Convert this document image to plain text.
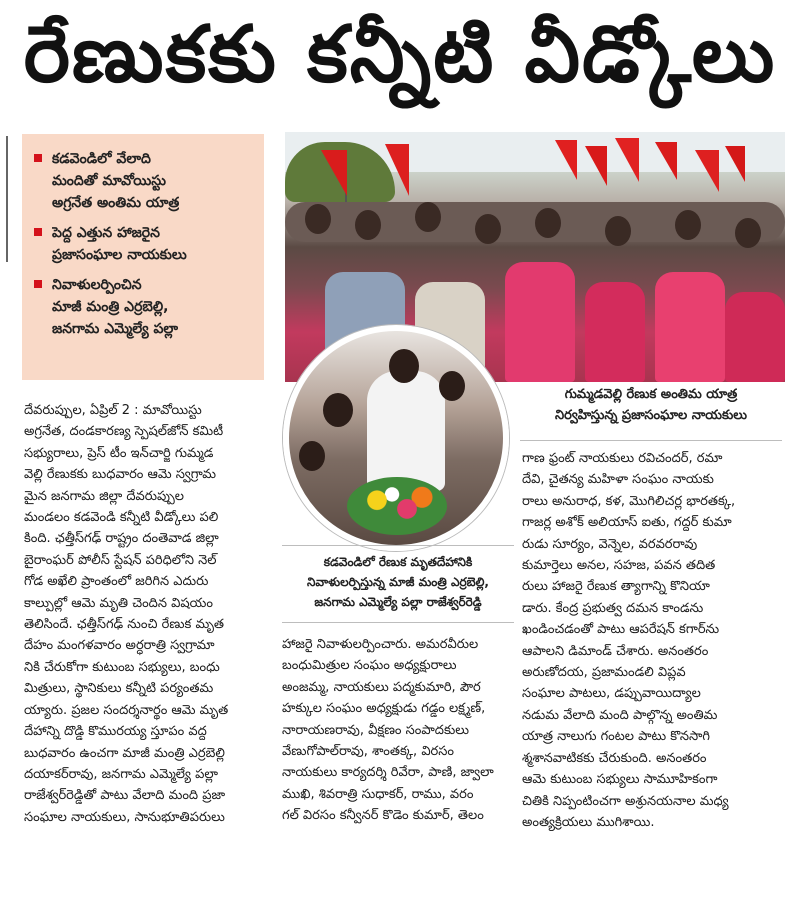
రేణుకకు కన్నీటి వీడ్కోలు
కడవెండిలో వేలాది
మందితో మావోయిస్టు
అగ్రనేత అంతిమ యాత్ర
పెద్ద ఎత్తున హాజరైన
ప్రజాసంఘాల నాయకులు
నివాళులర్పించిన
మాజీ మంత్రి ఎర్రబెల్లి,
జనగామ ఎమ్మెల్యే పల్లా
గుమ్మడవెల్లి రేణుక అంతిమ యాత్ర
నిర్వహిస్తున్న ప్రజాసంఘాల నాయకులు
కడవెండిలో రేణుక మృతదేహానికి
నివాళులర్పిస్తున్న మాజీ మంత్రి ఎర్రబెల్లి,
జనగామ ఎమ్మెల్యే పల్లా రాజేశ్వర్‌రెడ్డి
దేవరుప్పుల, ఏప్రిల్ 2 : మావోయిస్టు
అగ్రనేత, దండకారణ్య స్పెషల్‌జోన్ కమిటీ
సభ్యురాలు, ప్రెస్ టీం ఇన్‌చార్జి గుమ్మడ
వెల్లి రేణుకకు బుధవారం ఆమె స్వగ్రామ
మైన జనగామ జిల్లా దేవరుప్పుల
మండలం కడవెండి కన్నీటి వీడ్కోలు పలి
కింది. ఛత్తీస్‌గఢ్ రాష్ట్రం దంతెవాడ జిల్లా
బైరాంఘర్ పోలీస్ స్టేషన్ పరిధిలోని నెల్
గోడ అఖేలి ప్రాంతంలో జరిగిన ఎదురు
కాల్పుల్లో ఆమె మృతి చెందిన విషయం
తెలిసిందే. ఛత్తీస్‌గఢ్ నుంచి రేణుక మృత
దేహం మంగళవారం అర్ధరాత్రి స్వగ్రామా
నికి చేరుకోగా కుటుంబ సభ్యులు, బంధు
మిత్రులు, స్థానికులు కన్నీటి పర్యంతమ
య్యారు. ప్రజల సందర్శనార్థం ఆమె మృత
దేహాన్ని దొడ్డి కొమురయ్య స్తూపం వద్ద
బుధవారం ఉంచగా మాజీ మంత్రి ఎర్రబెల్లి
దయాకర్‌రావు, జనగామ ఎమ్మెల్యే పల్లా
రాజేశ్వర్‌రెడ్డితో పాటు వేలాది మంది ప్రజా
సంఘాల నాయకులు, సానుభూతిపరులు
హాజరై నివాళులర్పించారు. అమరవీరుల
బంధుమిత్రుల సంఘం అధ్యక్షురాలు
అంజమ్మ, నాయకులు పద్మకుమారి, పౌర
హక్కుల సంఘం అధ్యక్షుడు గడ్డం లక్ష్మణ్,
నారాయణరావు, వీక్షణం సంపాదకులు
వేణుగోపాల్‌రావు, శాంతక్క, విరసం
నాయకులు కార్యదర్శి రివేరా, పాణి, జ్వాలా
ముఖి, శివరాత్రి సుధాకర్, రాము, వరం
గల్ విరసం కన్వీనర్ కొడెం కుమార్, తెలం
గాణ ఫ్రంట్ నాయకులు రవిచందర్, రమా
దేవి, చైతన్య మహిళా సంఘం నాయకు
రాలు అనురాధ, కళ, మొగిలిచర్ల భారతక్క,
గాజర్ల అశోక్ అలియాస్ ఐతు, గద్దర్ కుమా
రుడు సూర్యం, వెన్నెల, వరవరరావు
కుమార్తెలు అనల, సహజ, పవన తదిత
రులు హాజరై రేణుక త్యాగాన్ని కొనియా
డారు. కేంద్ర ప్రభుత్వ దమన కాండను
ఖండించడంతో పాటు ఆపరేషన్ కగార్‌ను
ఆపాలని డిమాండ్ చేశారు. అనంతరం
అరుణోదయ, ప్రజామండలి విప్లవ
సంఘాల పాటలు, డప్పువాయిద్యాల
నడుమ వేలాది మంది పాల్గొన్న అంతిమ
యాత్ర నాలుగు గంటల పాటు కొనసాగి
శ్మశానవాటికకు చేరుకుంది. అనంతరం
ఆమె కుటుంబ సభ్యులు సామూహికంగా
చితికి నిప్పంటించగా అశ్రునయనాల మధ్య
అంత్యక్రియలు ముగిశాయి.
